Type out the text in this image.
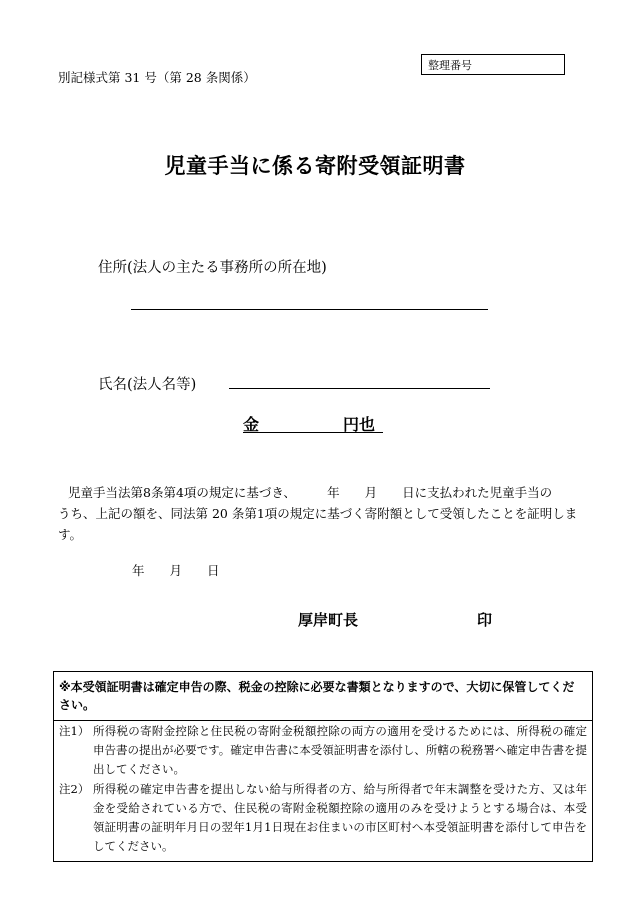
別記様式第 31 号（第 28 条関係）
整理番号
児童手当に係る寄附受領証明書
住所(法人の主たる事務所の所在地)
氏名(法人名等)
金	円也
児童手当法第8条第4項の規定に基づき、　　　年　　月　　日に支払われた児童手当の
うち、上記の額を、同法第 20 条第1項の規定に基づく寄附額として受領したことを証明しま
す。
年　　月　　日
厚岸町長	印
※本受領証明書は確定申告の際、税金の控除に必要な書類となりますので、大切に保管してください。
注1） 所得税の寄附金控除と住民税の寄附金税額控除の両方の適用を受けるためには、所得税の確定申告書の提出が必要です。確定申告書に本受領証明書を添付し、所轄の税務署へ確定申告書を提出してください。
注2） 所得税の確定申告書を提出しない給与所得者の方、給与所得者で年末調整を受けた方、又は年金を受給されている方で、住民税の寄附金税額控除の適用のみを受けようとする場合は、本受領証明書の証明年月日の翌年1月1日現在お住まいの市区町村へ本受領証明書を添付して申告をしてください。
